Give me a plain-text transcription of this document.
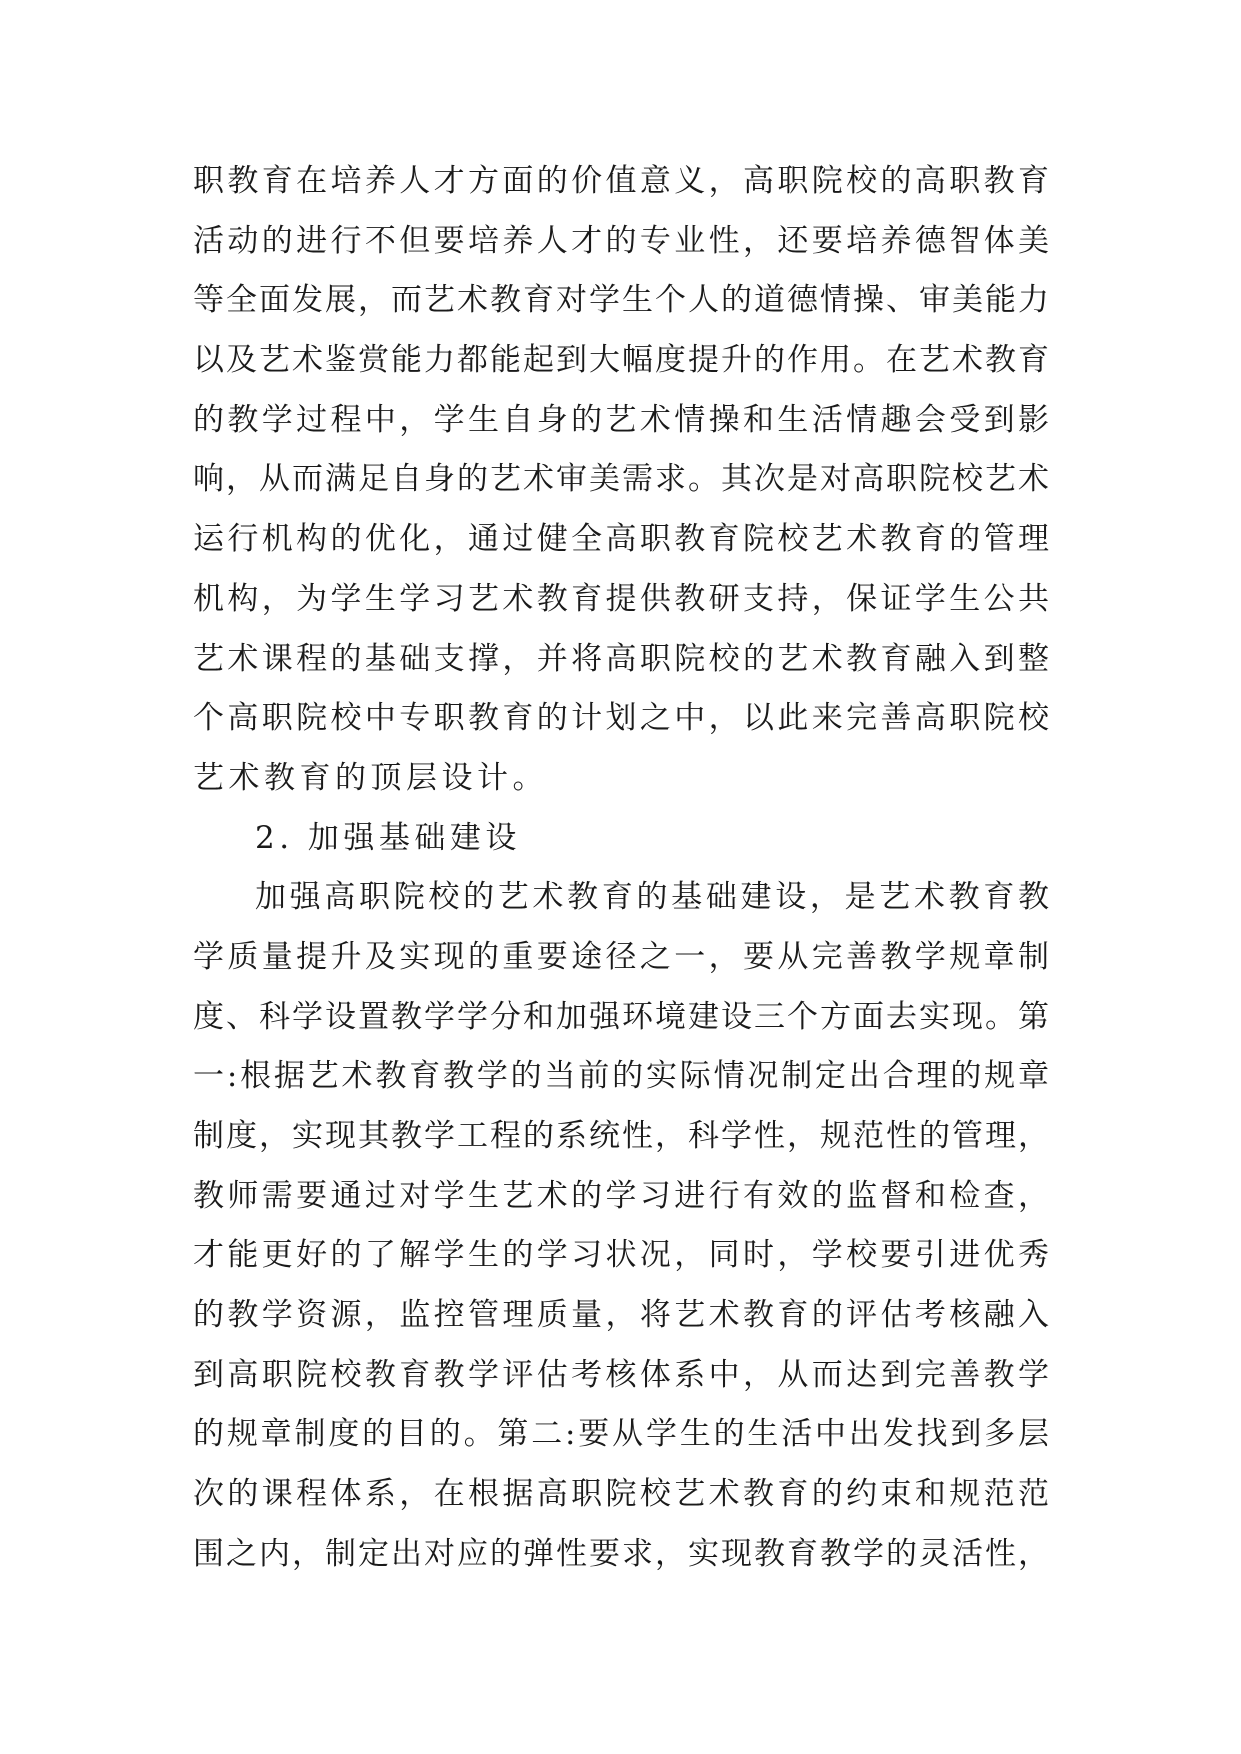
职教育在培养人才方面的价值意义，高职院校的高职教育
活动的进行不但要培养人才的专业性，还要培养德智体美
等全面发展，而艺术教育对学生个人的道德情操、审美能力
以及艺术鉴赏能力都能起到大幅度提升的作用。在艺术教育
的教学过程中，学生自身的艺术情操和生活情趣会受到影
响，从而满足自身的艺术审美需求。其次是对高职院校艺术
运行机构的优化，通过健全高职教育院校艺术教育的管理
机构，为学生学习艺术教育提供教研支持，保证学生公共
艺术课程的基础支撑，并将高职院校的艺术教育融入到整
个高职院校中专职教育的计划之中，以此来完善高职院校
艺术教育的顶层设计。
2. 加强基础建设
加强高职院校的艺术教育的基础建设，是艺术教育教
学质量提升及实现的重要途径之一，要从完善教学规章制
度、科学设置教学学分和加强环境建设三个方面去实现。第
一:根据艺术教育教学的当前的实际情况制定出合理的规章
制度，实现其教学工程的系统性，科学性，规范性的管理，
教师需要通过对学生艺术的学习进行有效的监督和检查，
才能更好的了解学生的学习状况，同时，学校要引进优秀
的教学资源，监控管理质量，将艺术教育的评估考核融入
到高职院校教育教学评估考核体系中，从而达到完善教学
的规章制度的目的。第二:要从学生的生活中出发找到多层
次的课程体系，在根据高职院校艺术教育的约束和规范范
围之内，制定出对应的弹性要求，实现教育教学的灵活性，
